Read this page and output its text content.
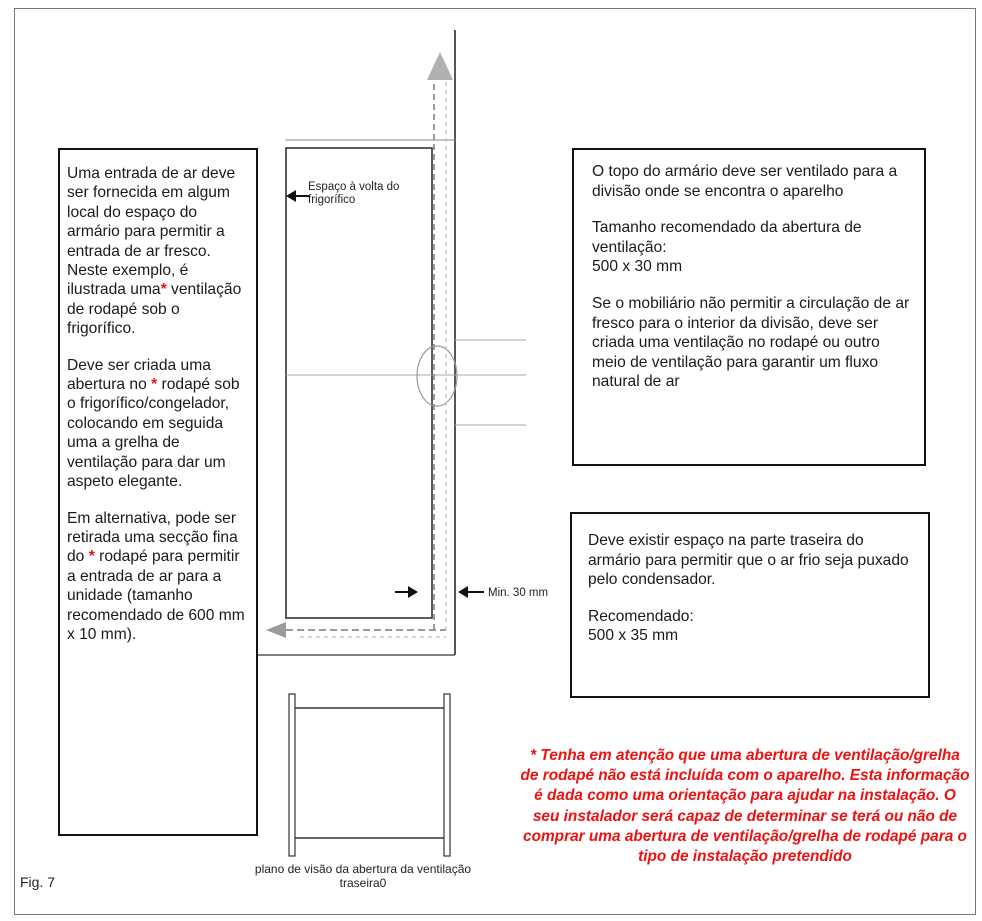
Uma entrada de ar deve ser fornecida em algum local do espaço do armário para permitir a entrada de ar fresco. Neste exemplo, é ilustrada uma* ventilação de rodapé sob o frigorífico.

Deve ser criada uma abertura no * rodapé sob o frigorífico/congelador, colocando em seguida uma a grelha de ventilação para dar um aspeto elegante.

Em alternativa, pode ser retirada uma secção fina do * rodapé para permitir a entrada de ar para a unidade (tamanho recomendado de 600 mm x 10 mm).

O topo do armário deve ser ventilado para a divisão onde se encontra o aparelho

Tamanho recomendado da abertura de ventilação:
500 x 30 mm

Se o mobiliário não permitir a circulação de ar fresco para o interior da divisão, deve ser criada uma ventilação no rodapé ou outro meio de ventilação para garantir um fluxo natural de ar

Deve existir espaço na parte traseira do armário para permitir que o ar frio seja puxado pelo condensador.

Recomendado:
500 x 35 mm

Espaço à volta do frigorífico
Min. 30 mm
plano de visão da abertura da ventilação traseira0
Fig. 7
* Tenha em atenção que uma abertura de ventilação/grelha de rodapé não está incluída com o aparelho. Esta informação é dada como uma orientação para ajudar na instalação. O seu instalador será capaz de determinar se terá ou não de comprar uma abertura de ventilação/grelha de rodapé para o tipo de instalação pretendido
